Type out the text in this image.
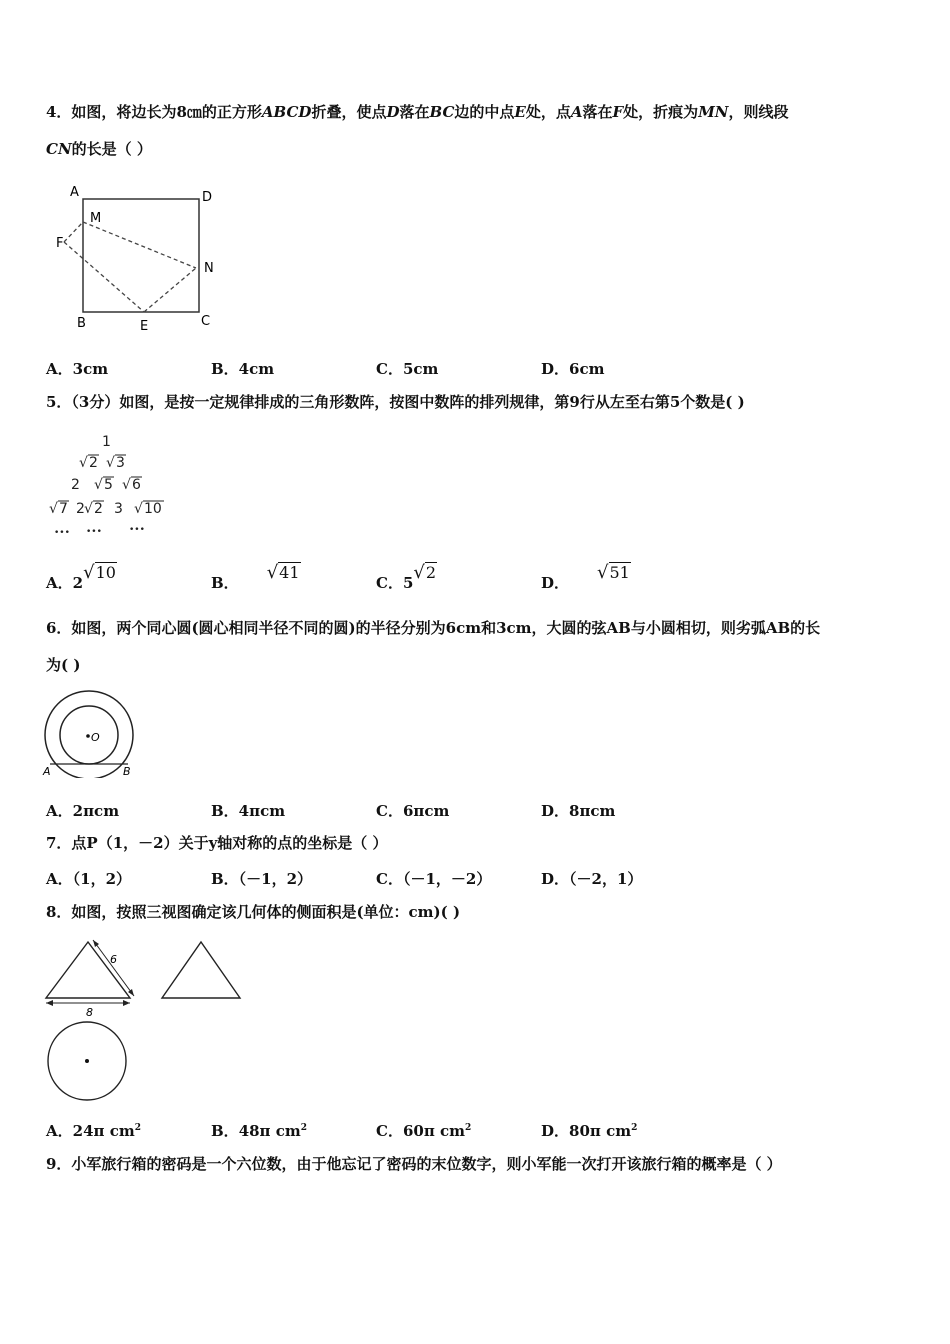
4．如图，将边长为8㎝的正方形ABCD折叠，使点D落在BC边的中点E处，点A落在F处，折痕为MN，则线段
CN的长是（ ）
A	D
M
F
N
B	E	C
A．3cm	B．4cm	C．5cm	D．6cm
5．（3分）如图，是按一定规律排成的三角形数阵，按图中数阵的排列规律，第9行从左至右第5个数是( )
1
√ 2 √ 3
2 √ 5 √ 6
√ 7 2 √ 2 3 √ 10
••• •••	•••
A．2√10
B． √41
C．5√2
D． √51
6．如图，两个同心圆(圆心相同半径不同的圆)的半径分别为6cm和3cm，大圆的弦AB与小圆相切，则劣弧AB的长
为( )
O
A	B
A．2πcm	B．4πcm	C．6πcm	D．8πcm
7．点P（1，－2）关于y轴对称的点的坐标是（ ）
A．（1，2）	B．（－1，2）	C．（－1，－2）	D．（－2，1）
8．如图，按照三视图确定该几何体的侧面积是(单位：cm)( )
6
8
A．24π $cm^2$	B．48π $cm^2$	C．60π $cm^2$	D．80π $cm^2$
9．小军旅行箱的密码是一个六位数，由于他忘记了密码的末位数字，则小军能一次打开该旅行箱的概率是（ ）
